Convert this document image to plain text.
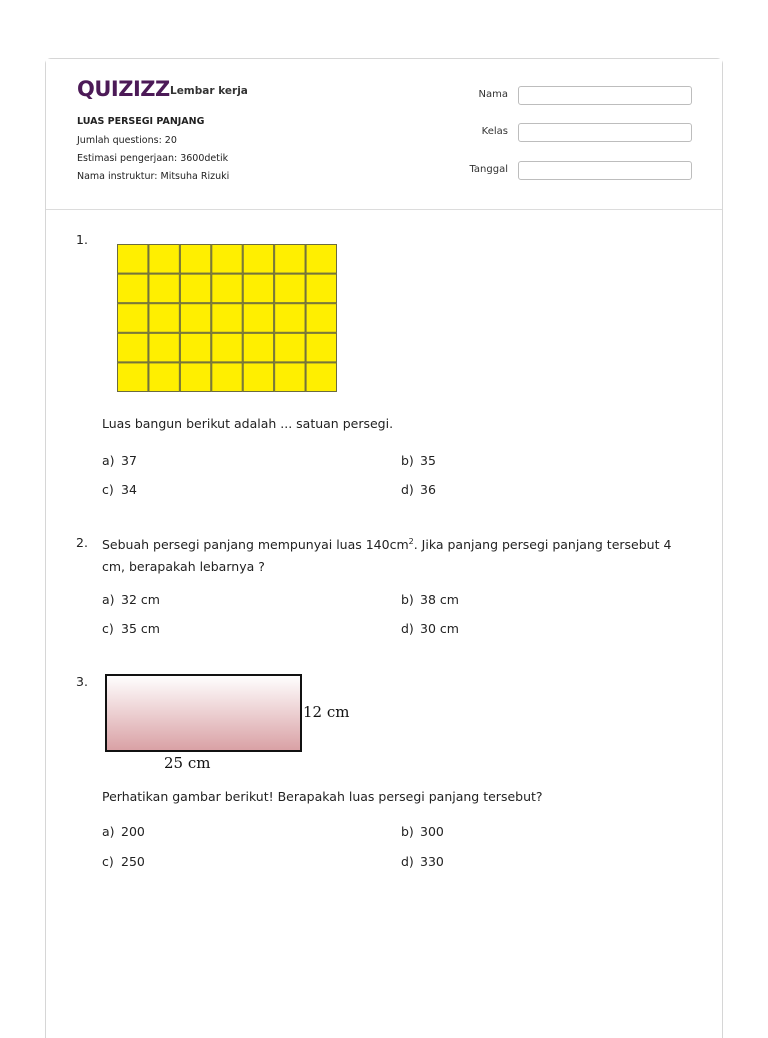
QUIZIZZ Lembar kerja
LUAS PERSEGI PANJANG
Jumlah questions: 20
Estimasi pengerjaan: 3600detik
Nama instruktur: Mitsuha Rizuki
Nama
Kelas
Tanggal
1.
Luas bangun berikut adalah ... satuan persegi.
a) 37	b) 35
c) 34	d) 36
2. Sebuah persegi panjang mempunyai luas $140cm^2$. Jika panjang persegi panjang tersebut 4 cm, berapakah lebarnya ?
a) 32 cm	b) 38 cm
c) 35 cm	d) 30 cm
3.
12 cm
25 cm
Perhatikan gambar berikut! Berapakah luas persegi panjang tersebut?
a) 200	b) 300
c) 250	d) 330
